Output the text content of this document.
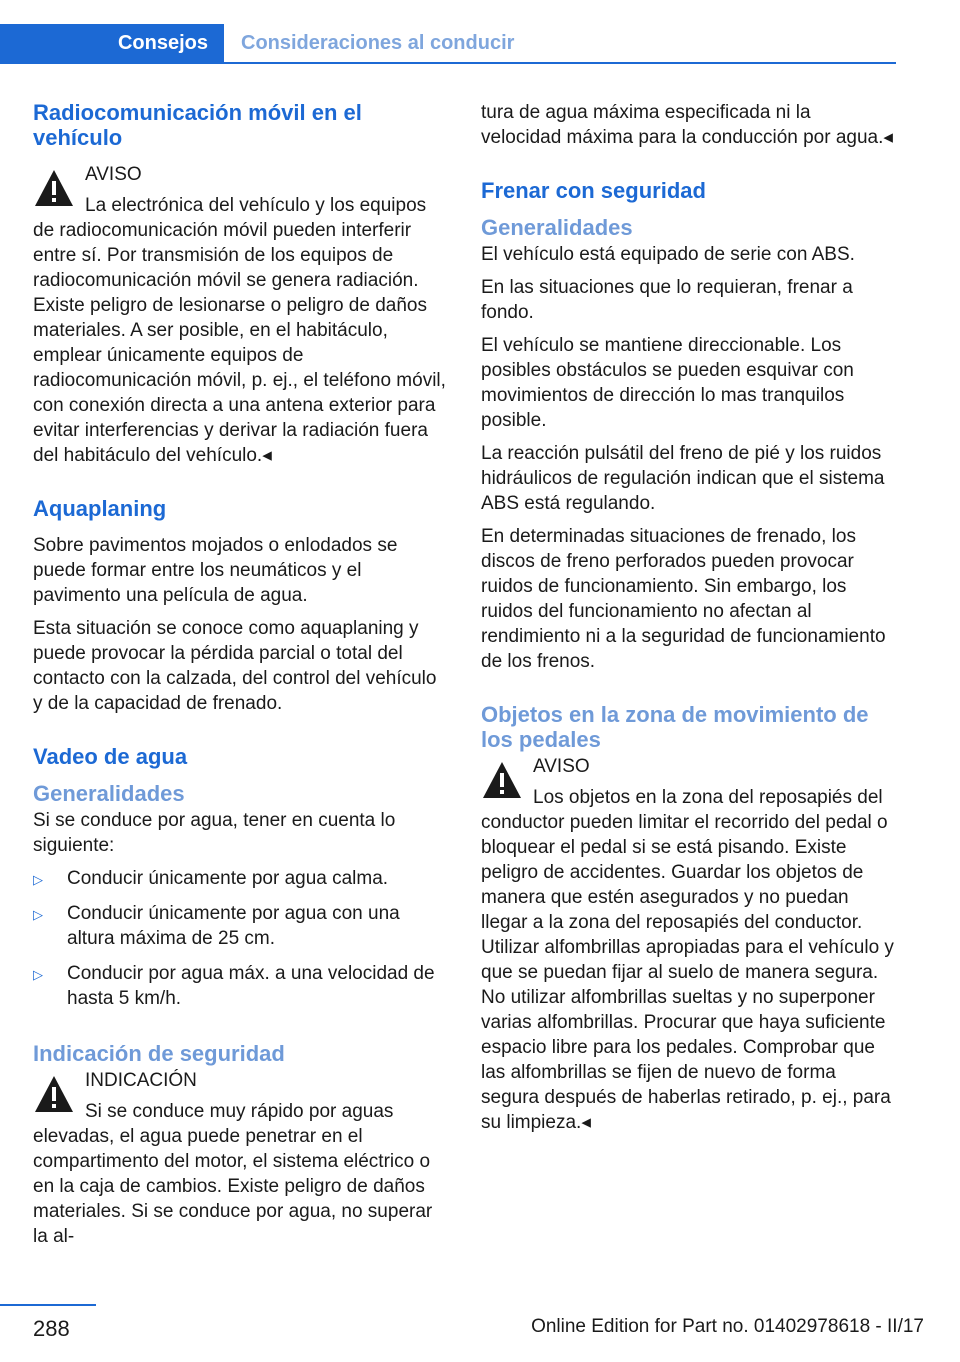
Consejos	Consideraciones al conducir
Radiocomunicación móvil en el vehículo
AVISO
La electrónica del vehículo y los equipos de radiocomunicación móvil pueden interferir entre sí. Por transmisión de los equipos de radiocomunicación móvil se genera radiación. Existe peligro de lesionarse o peligro de daños materiales. A ser posible, en el habitáculo, emplear únicamente equipos de radiocomunicación móvil, p. ej., el teléfono móvil, con conexión directa a una antena exterior para evitar interferencias y derivar la radiación fuera del habitáculo del vehículo.◂
Aquaplaning

Sobre pavimentos mojados o enlodados se puede formar entre los neumáticos y el pavimento una película de agua.

Esta situación se conoce como aquaplaning y puede provocar la pérdida parcial o total del contacto con la calzada, del control del vehículo y de la capacidad de frenado.

Vadeo de agua
Generalidades

Si se conduce por agua, tener en cuenta lo siguiente:

▷ Conducir únicamente por agua calma.
▷ Conducir únicamente por agua con una altura máxima de 25 cm.
▷ Conducir por agua máx. a una velocidad de hasta 5 km/h.
Indicación de seguridad
INDICACIÓN
Si se conduce muy rápido por aguas elevadas, el agua puede penetrar en el compartimento del motor, el sistema eléctrico o en la caja de cambios. Existe peligro de daños materiales. Si se conduce por agua, no superar la al-

tura de agua máxima especificada ni la velocidad máxima para la conducción por agua.◂

Frenar con seguridad
Generalidades

El vehículo está equipado de serie con ABS.

En las situaciones que lo requieran, frenar a fondo.

El vehículo se mantiene direccionable. Los posibles obstáculos se pueden esquivar con movimientos de dirección lo mas tranquilos posible.

La reacción pulsátil del freno de pié y los ruidos hidráulicos de regulación indican que el sistema ABS está regulando.

En determinadas situaciones de frenado, los discos de freno perforados pueden provocar ruidos de funcionamiento. Sin embargo, los ruidos del funcionamiento no afectan al rendimiento ni a la seguridad de funcionamiento de los frenos.

Objetos en la zona de movimiento de los pedales
AVISO
Los objetos en la zona del reposapiés del conductor pueden limitar el recorrido del pedal o bloquear el pedal si se está pisando. Existe peligro de accidentes. Guardar los objetos de manera que estén asegurados y no puedan llegar a la zona del reposapiés del conductor. Utilizar alfombrillas apropiadas para el vehículo y que se puedan fijar al suelo de manera segura. No utilizar alfombrillas sueltas y no superponer varias alfombrillas. Procurar que haya suficiente espacio libre para los pedales. Comprobar que las alfombrillas se fijen de nuevo de forma segura después de haberlas retirado, p. ej., para su limpieza.◂
288	Online Edition for Part no. 01402978618 - II/17
